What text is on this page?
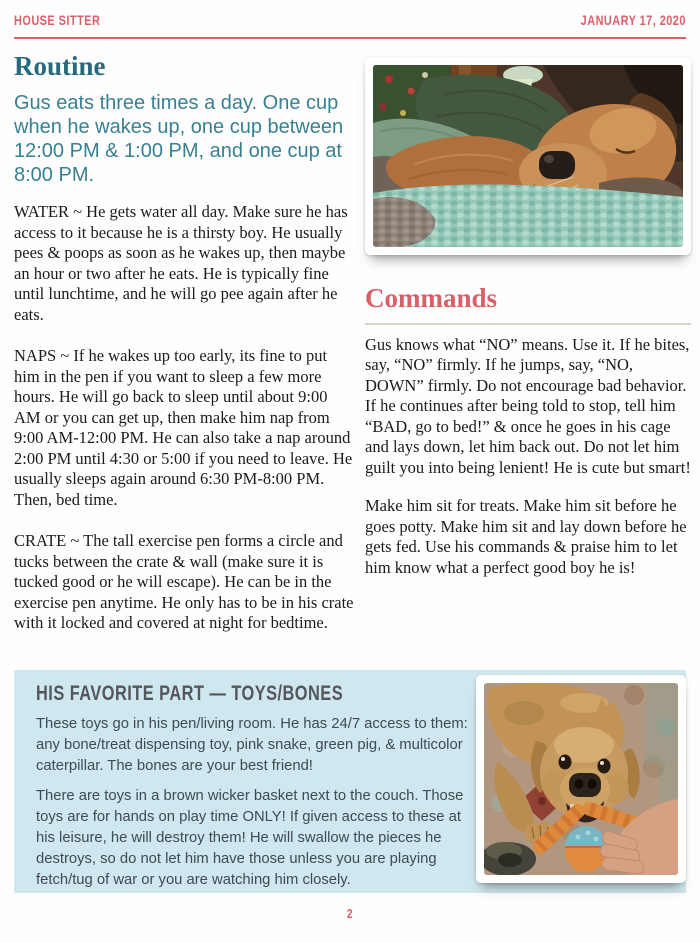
HOUSE SITTER	JANUARY 17, 2020
Routine

Gus eats three times a day. One cup when he wakes up, one cup between 12:00 PM & 1:00 PM, and one cup at 8:00 PM.

WATER ~ He gets water all day. Make sure he has access to it because he is a thirsty boy. He usually pees & poops as soon as he wakes up, then maybe an hour or two after he eats. He is typically fine until lunchtime, and he will go pee again after he eats.

NAPS ~ If he wakes up too early, its fine to put him in the pen if you want to sleep a few more hours. He will go back to sleep until about 9:00 AM or you can get up, then make him nap from 9:00 AM-12:00 PM. He can also take a nap around 2:00 PM until 4:30 or 5:00 if you need to leave. He usually sleeps again around 6:30 PM-8:00 PM. Then, bed time.

CRATE ~ The tall exercise pen forms a circle and tucks between the crate & wall (make sure it is tucked good or he will escape). He can be in the exercise pen anytime. He only has to be in his crate with it locked and covered at night for bedtime.

Commands

Gus knows what “NO” means. Use it. If he bites, say, “NO” firmly. If he jumps, say, “NO, DOWN” firmly. Do not encourage bad behavior. If he continues after being told to stop, tell him “BAD, go to bed!” & once he goes in his cage and lays down, let him back out. Do not let him guilt you into being lenient! He is cute but smart!

Make him sit for treats. Make him sit before he goes potty. Make him sit and lay down before he gets fed. Use his commands & praise him to let him know what a perfect good boy he is!

HIS FAVORITE PART — TOYS/BONES

These toys go in his pen/living room. He has 24/7 access to them: any bone/treat dispensing toy, pink snake, green pig, & multicolor caterpillar. The bones are your best friend!

There are toys in a brown wicker basket next to the couch. Those toys are for hands on play time ONLY! If given access to these at his leisure, he will destroy them! He will swallow the pieces he destroys, so do not let him have those unless you are playing fetch/tug of war or you are watching him closely.

2
